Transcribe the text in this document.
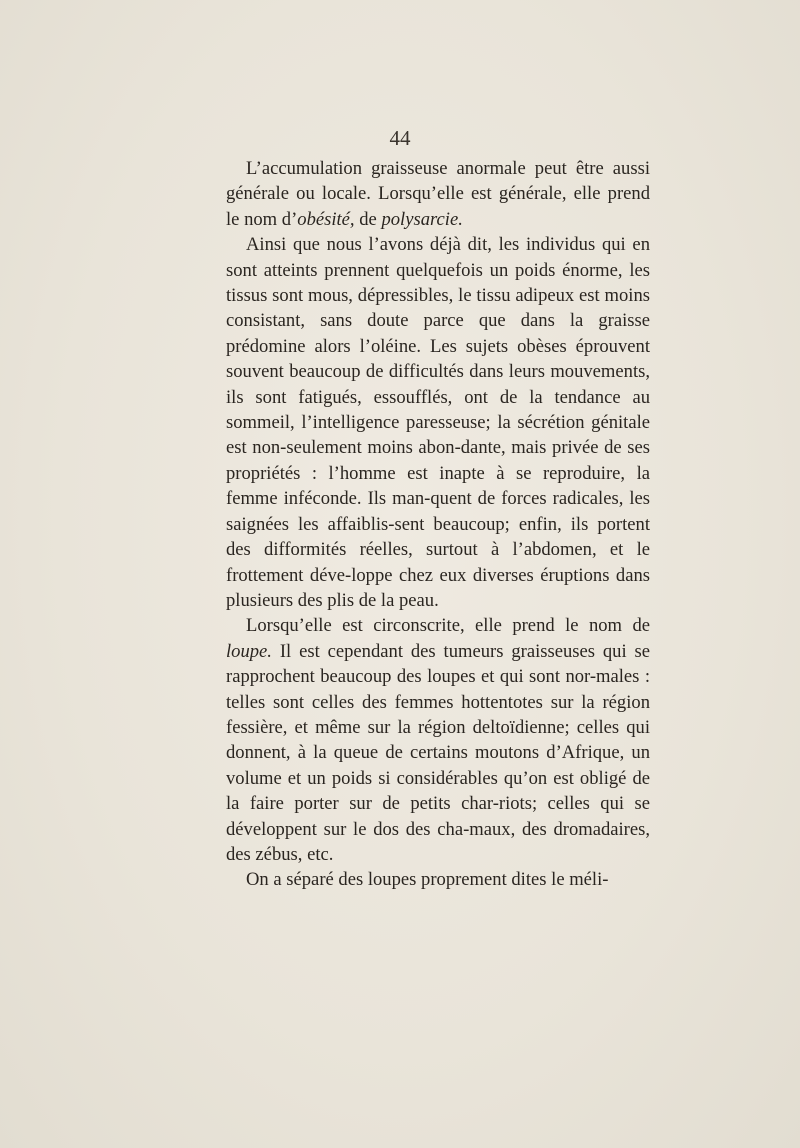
44

L’accumulation graisseuse anormale peut être aussi générale ou locale. Lorsqu’elle est générale, elle prend le nom d’obésité, de polysarcie.

Ainsi que nous l’avons déjà dit, les individus qui en sont atteints prennent quelquefois un poids énorme, les tissus sont mous, dépressibles, le tissu adipeux est moins consistant, sans doute parce que dans la graisse prédomine alors l’oléine. Les sujets obèses éprouvent souvent beaucoup de difficultés dans leurs mouvements, ils sont fatigués, essoufflés, ont de la tendance au sommeil, l’intelligence paresseuse; la sécrétion génitale est non-seulement moins abon-dante, mais privée de ses propriétés : l’homme est inapte à se reproduire, la femme inféconde. Ils man-quent de forces radicales, les saignées les affaiblis-sent beaucoup; enfin, ils portent des difformités réelles, surtout à l’abdomen, et le frottement déve-loppe chez eux diverses éruptions dans plusieurs des plis de la peau.

Lorsqu’elle est circonscrite, elle prend le nom de loupe. Il est cependant des tumeurs graisseuses qui se rapprochent beaucoup des loupes et qui sont nor-males : telles sont celles des femmes hottentotes sur la région fessière, et même sur la région deltoïdienne; celles qui donnent, à la queue de certains moutons d’Afrique, un volume et un poids si considérables qu’on est obligé de la faire porter sur de petits char-riots; celles qui se développent sur le dos des cha-maux, des dromadaires, des zébus, etc.

On a séparé des loupes proprement dites le méli-
